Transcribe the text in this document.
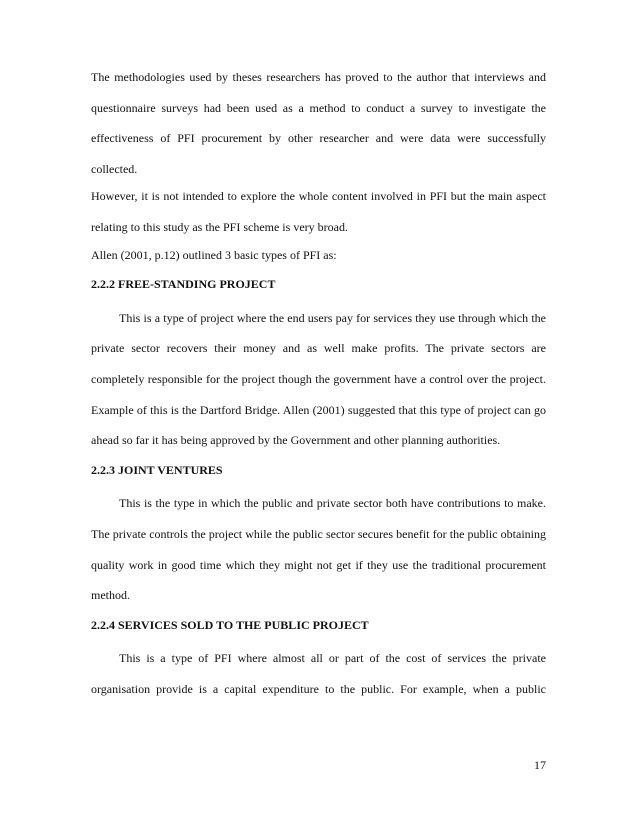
The methodologies used by theses researchers has proved to the author that interviews and questionnaire surveys had been used as a method to conduct a survey to investigate the effectiveness of PFI procurement by other researcher and were data were successfully collected.

However, it is not intended to explore the whole content involved in PFI but the main aspect relating to this study as the PFI scheme is very broad.

Allen (2001, p.12) outlined 3 basic types of PFI as:

2.2.2 FREE-STANDING PROJECT

This is a type of project where the end users pay for services they use through which the private sector recovers their money and as well make profits. The private sectors are completely responsible for the project though the government have a control over the project. Example of this is the Dartford Bridge. Allen (2001) suggested that this type of project can go ahead so far it has being approved by the Government and other planning authorities.

2.2.3 JOINT VENTURES

This is the type in which the public and private sector both have contributions to make. The private controls the project while the public sector secures benefit for the public obtaining quality work in good time which they might not get if they use the traditional procurement method.

2.2.4 SERVICES SOLD TO THE PUBLIC PROJECT

This is a type of PFI where almost all or part of the cost of services the private organisation provide is a capital expenditure to the public. For example, when a public

17
